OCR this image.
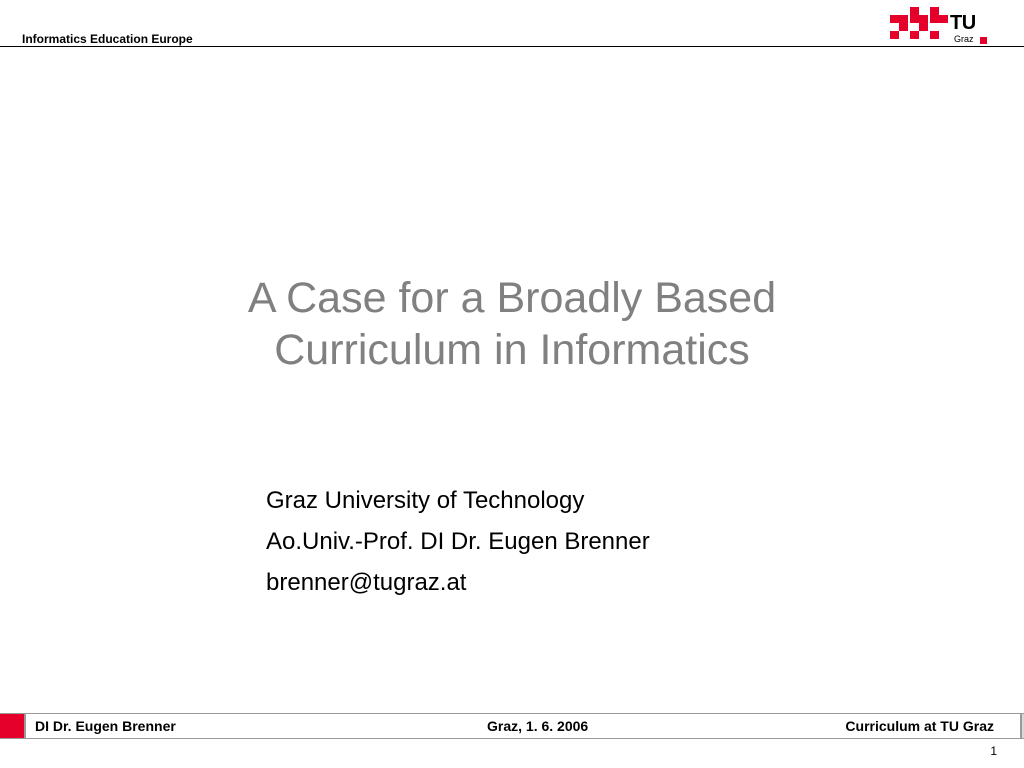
Informatics Education Europe
TU
Graz
A Case for a Broadly Based
Curriculum in Informatics
Graz University of Technology
Ao.Univ.-Prof. DI Dr. Eugen Brenner
brenner@tugraz.at
DI Dr. Eugen Brenner	Graz, 1. 6. 2006	Curriculum at TU Graz
1
